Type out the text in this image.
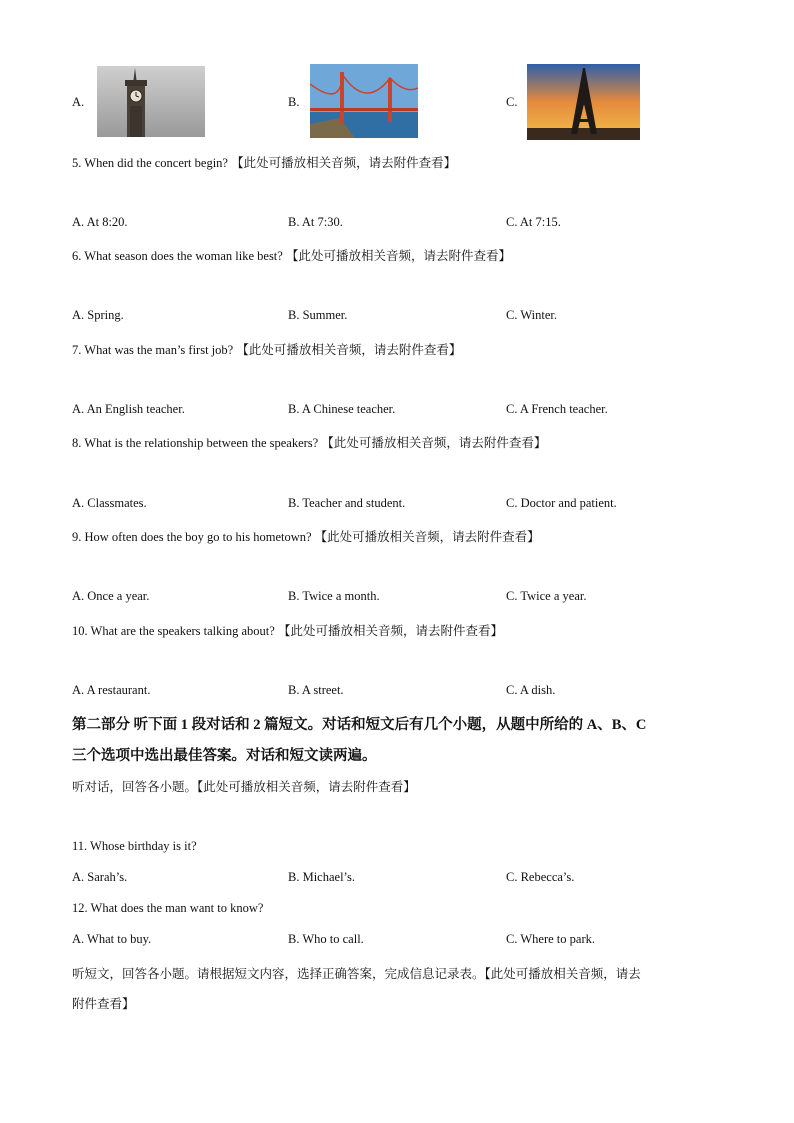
A.	B.	C.
5. When did the concert begin? 【此处可播放相关音频，请去附件查看】
A. At 8:20.	B. At 7:30.	C. At 7:15.
6. What season does the woman like best? 【此处可播放相关音频，请去附件查看】
A. Spring.	B. Summer.	C. Winter.
7. What was the man’s first job? 【此处可播放相关音频，请去附件查看】
A. An English teacher.	B. A Chinese teacher.	C. A French teacher.
8. What is the relationship between the speakers? 【此处可播放相关音频，请去附件查看】
A. Classmates.	B. Teacher and student.	C. Doctor and patient.
9. How often does the boy go to his hometown? 【此处可播放相关音频，请去附件查看】
A. Once a year.	B. Twice a month.	C. Twice a year.
10. What are the speakers talking about? 【此处可播放相关音频，请去附件查看】
A. A restaurant.	B. A street.	C. A dish.
第二部分 听下面 1 段对话和 2 篇短文。对话和短文后有几个小题，从题中所给的 A、B、C
三个选项中选出最佳答案。对话和短文读两遍。
听对话，回答各小题。【此处可播放相关音频，请去附件查看】
11. Whose birthday is it?
A. Sarah’s.	B. Michael’s.	C. Rebecca’s.
12. What does the man want to know?
A. What to buy.	B. Who to call.	C. Where to park.
听短文，回答各小题。请根据短文内容，选择正确答案，完成信息记录表。【此处可播放相关音频，请去
附件查看】
